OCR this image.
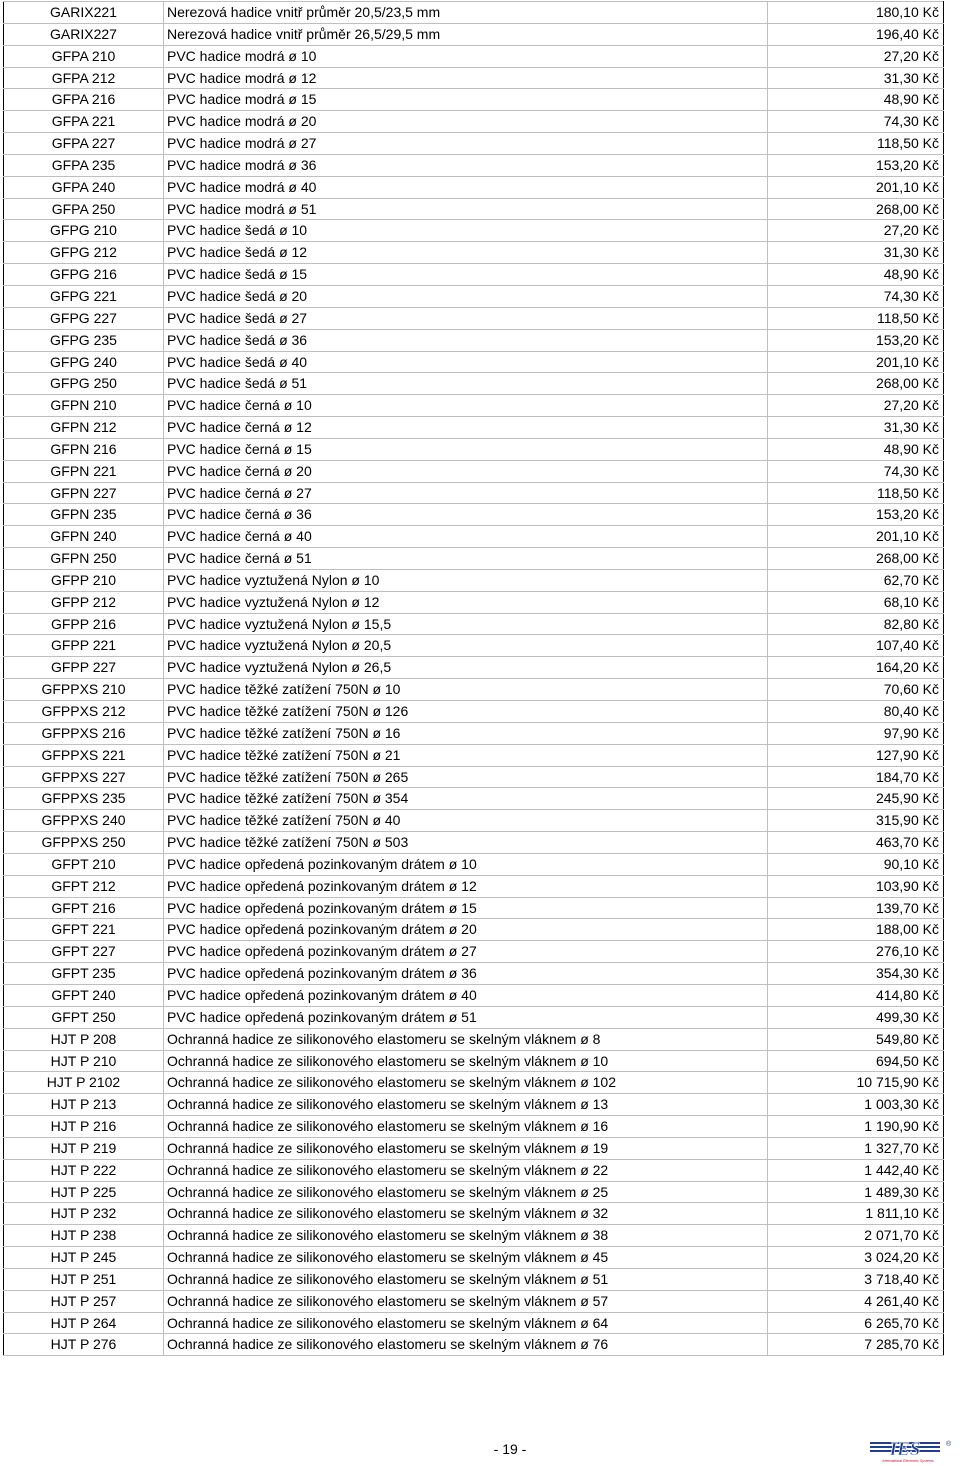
GARIX221	Nerezová hadice vnitř průměr 20,5/23,5 mm	180,10 Kč
GARIX227	Nerezová hadice vnitř průměr 26,5/29,5 mm	196,40 Kč
GFPA 210	PVC hadice modrá ø 10	27,20 Kč
GFPA 212	PVC hadice modrá ø 12	31,30 Kč
GFPA 216	PVC hadice modrá ø 15	48,90 Kč
GFPA 221	PVC hadice modrá ø 20	74,30 Kč
GFPA 227	PVC hadice modrá ø 27	118,50 Kč
GFPA 235	PVC hadice modrá ø 36	153,20 Kč
GFPA 240	PVC hadice modrá ø 40	201,10 Kč
GFPA 250	PVC hadice modrá ø 51	268,00 Kč
GFPG 210	PVC hadice šedá ø 10	27,20 Kč
GFPG 212	PVC hadice šedá ø 12	31,30 Kč
GFPG 216	PVC hadice šedá ø 15	48,90 Kč
GFPG 221	PVC hadice šedá ø 20	74,30 Kč
GFPG 227	PVC hadice šedá ø 27	118,50 Kč
GFPG 235	PVC hadice šedá ø 36	153,20 Kč
GFPG 240	PVC hadice šedá ø 40	201,10 Kč
GFPG 250	PVC hadice šedá ø 51	268,00 Kč
GFPN 210	PVC hadice černá ø 10	27,20 Kč
GFPN 212	PVC hadice černá ø 12	31,30 Kč
GFPN 216	PVC hadice černá ø 15	48,90 Kč
GFPN 221	PVC hadice černá ø 20	74,30 Kč
GFPN 227	PVC hadice černá ø 27	118,50 Kč
GFPN 235	PVC hadice černá ø 36	153,20 Kč
GFPN 240	PVC hadice černá ø 40	201,10 Kč
GFPN 250	PVC hadice černá ø 51	268,00 Kč
GFPP 210	PVC hadice vyztužená Nylon ø 10	62,70 Kč
GFPP 212	PVC hadice vyztužená Nylon ø 12	68,10 Kč
GFPP 216	PVC hadice vyztužená Nylon ø 15,5	82,80 Kč
GFPP 221	PVC hadice vyztužená Nylon ø 20,5	107,40 Kč
GFPP 227	PVC hadice vyztužená Nylon ø 26,5	164,20 Kč
GFPPXS 210	PVC hadice těžké zatížení 750N ø 10	70,60 Kč
GFPPXS 212	PVC hadice těžké zatížení 750N ø 126	80,40 Kč
GFPPXS 216	PVC hadice těžké zatížení 750N ø 16	97,90 Kč
GFPPXS 221	PVC hadice těžké zatížení 750N ø 21	127,90 Kč
GFPPXS 227	PVC hadice těžké zatížení 750N ø 265	184,70 Kč
GFPPXS 235	PVC hadice těžké zatížení 750N ø 354	245,90 Kč
GFPPXS 240	PVC hadice těžké zatížení 750N ø 40	315,90 Kč
GFPPXS 250	PVC hadice těžké zatížení 750N ø 503	463,70 Kč
GFPT 210	PVC hadice opředená pozinkovaným drátem ø 10	90,10 Kč
GFPT 212	PVC hadice opředená pozinkovaným drátem ø 12	103,90 Kč
GFPT 216	PVC hadice opředená pozinkovaným drátem ø 15	139,70 Kč
GFPT 221	PVC hadice opředená pozinkovaným drátem ø 20	188,00 Kč
GFPT 227	PVC hadice opředená pozinkovaným drátem ø 27	276,10 Kč
GFPT 235	PVC hadice opředená pozinkovaným drátem ø 36	354,30 Kč
GFPT 240	PVC hadice opředená pozinkovaným drátem ø 40	414,80 Kč
GFPT 250	PVC hadice opředená pozinkovaným drátem ø 51	499,30 Kč
HJT P 208	Ochranná hadice ze silikonového elastomeru se skelným vláknem ø 8	549,80 Kč
HJT P 210	Ochranná hadice ze silikonového elastomeru se skelným vláknem ø 10	694,50 Kč
HJT P 2102	Ochranná hadice ze silikonového elastomeru se skelným vláknem ø 102	10 715,90 Kč
HJT P 213	Ochranná hadice ze silikonového elastomeru se skelným vláknem ø 13	1 003,30 Kč
HJT P 216	Ochranná hadice ze silikonového elastomeru se skelným vláknem ø 16	1 190,90 Kč
HJT P 219	Ochranná hadice ze silikonového elastomeru se skelným vláknem ø 19	1 327,70 Kč
HJT P 222	Ochranná hadice ze silikonového elastomeru se skelným vláknem ø 22	1 442,40 Kč
HJT P 225	Ochranná hadice ze silikonového elastomeru se skelným vláknem ø 25	1 489,30 Kč
HJT P 232	Ochranná hadice ze silikonového elastomeru se skelným vláknem ø 32	1 811,10 Kč
HJT P 238	Ochranná hadice ze silikonového elastomeru se skelným vláknem ø 38	2 071,70 Kč
HJT P 245	Ochranná hadice ze silikonového elastomeru se skelným vláknem ø 45	3 024,20 Kč
HJT P 251	Ochranná hadice ze silikonového elastomeru se skelným vláknem ø 51	3 718,40 Kč
HJT P 257	Ochranná hadice ze silikonového elastomeru se skelným vláknem ø 57	4 261,40 Kč
HJT P 264	Ochranná hadice ze silikonového elastomeru se skelným vláknem ø 64	6 265,70 Kč
HJT P 276	Ochranná hadice ze silikonového elastomeru se skelným vláknem ø 76	7 285,70 Kč
- 19 -	IES	®
International Electronic Systems
